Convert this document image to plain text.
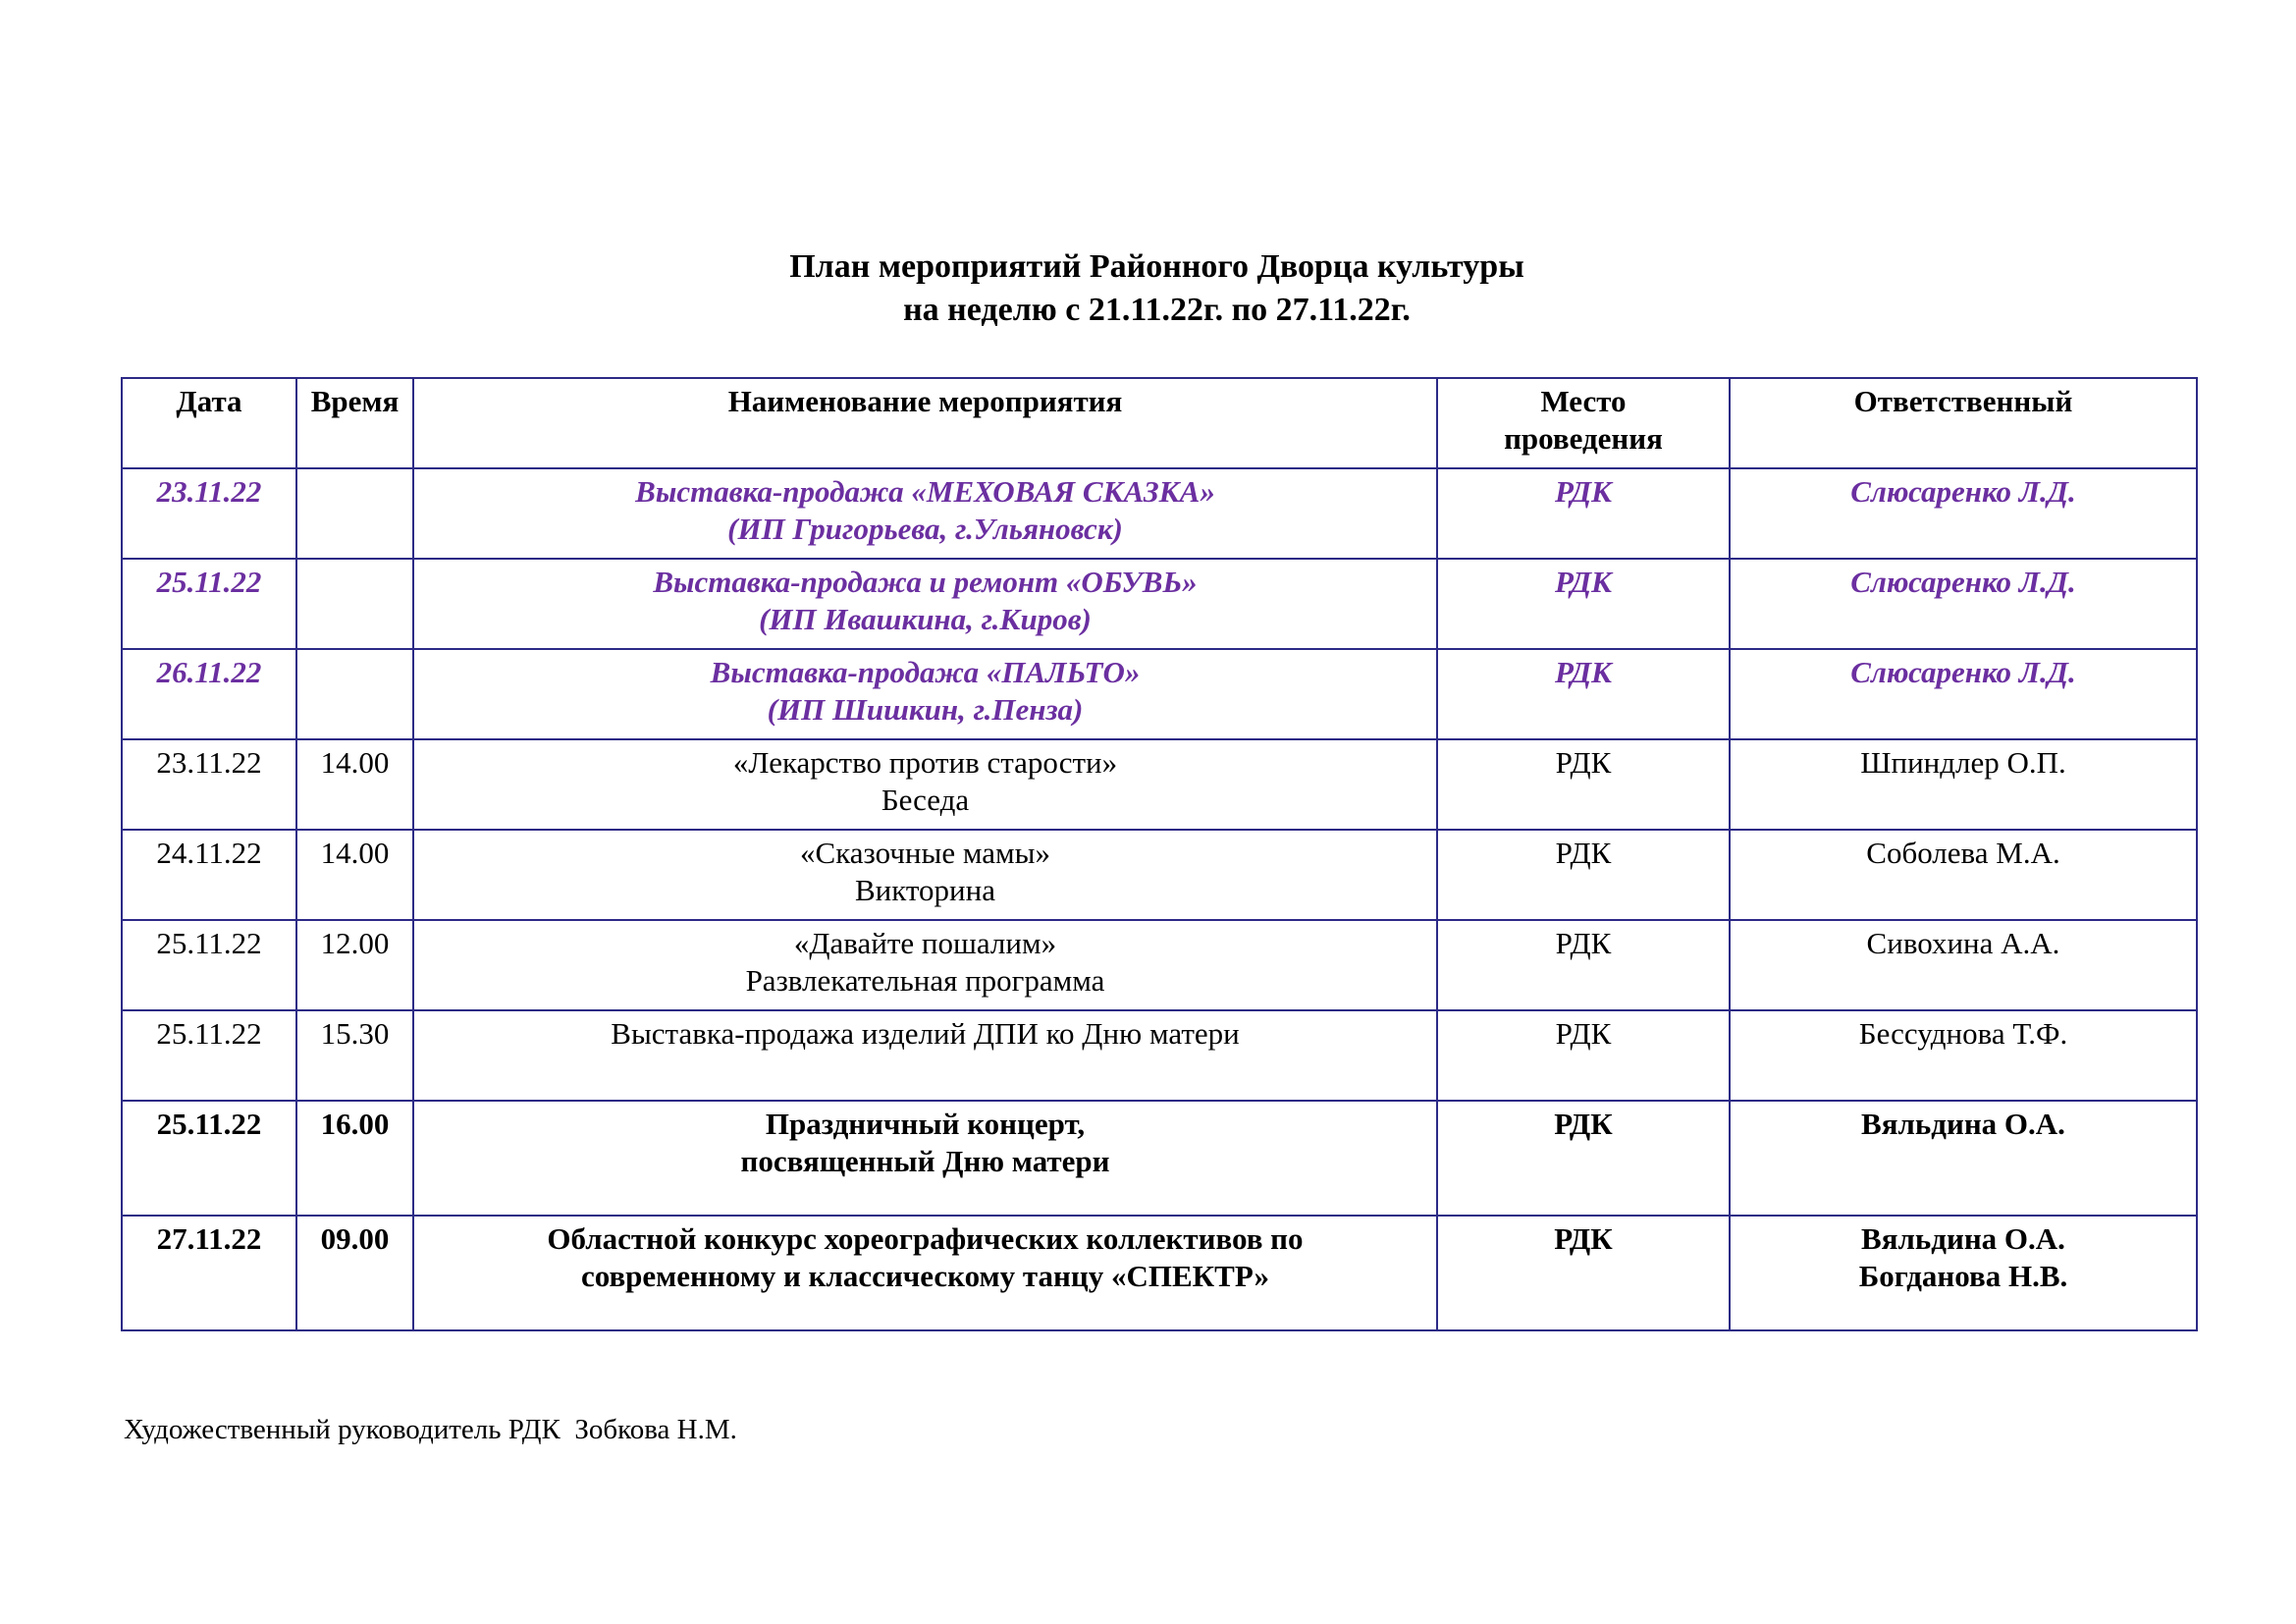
План мероприятий Районного Дворца культуры
на неделю с 21.11.22г. по 27.11.22г.
Дата	Время	Наименование мероприятия	Место
проведения	Ответственный
23.11.22		Выставка-продажа «МЕХОВАЯ СКАЗКА»
(ИП Григорьева, г.Ульяновск)	РДК	Слюсаренко Л.Д.

25.11.22		Выставка-продажа и ремонт «ОБУВЬ»
(ИП Ивашкина, г.Киров)	РДК	Слюсаренко Л.Д.

26.11.22		Выставка-продажа «ПАЛЬТО»
(ИП Шишкин, г.Пенза)	РДК	Слюсаренко Л.Д.

23.11.22	14.00	«Лекарство против старости»
Беседа	РДК	Шпиндлер О.П.

24.11.22	14.00	«Сказочные мамы»
Викторина	РДК	Соболева М.А.

25.11.22	12.00	«Давайте пошалим»
Развлекательная программа	РДК	Сивохина А.А.

25.11.22	15.30	Выставка-продажа изделий ДПИ ко Дню матери	РДК	Бессуднова Т.Ф.

25.11.22	16.00	Праздничный концерт,
посвященный Дню матери	РДК	Вяльдина О.А.

27.11.22	09.00	Областной конкурс хореографических коллективов по
современному и классическому танцу «СПЕКТР»	РДК	Вяльдина О.А.
Богданова Н.В.
Художественный руководитель РДК  Зобкова Н.М.
